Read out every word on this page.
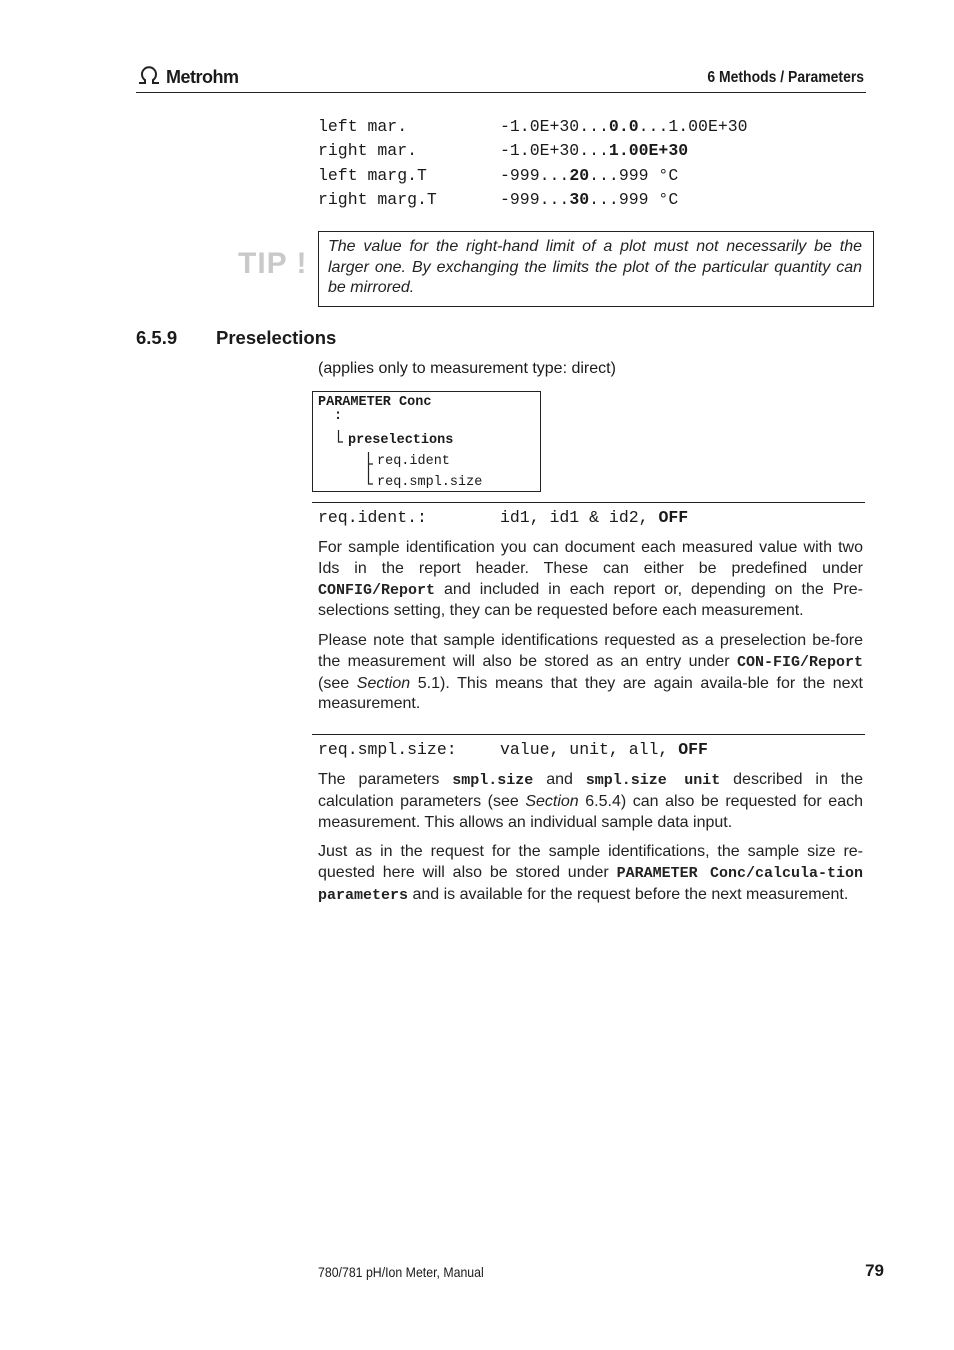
Metrohm	6 Methods / Parameters
left mar.	-1.0E+30... 0.0 ...1.00E+30
right mar.	-1.0E+30... 1.00E+30
left marg.T	-999... 20 ...999 °C
right marg.T	-999... 30 ...999 °C
TIP !
The value for the right-hand limit of a plot must not necessarily be the larger one. By exchanging the limits the plot of the particular quantity can be mirrored.
6.5.9	Preselections
(applies only to measurement type: direct)
PARAMETER Conc
:
preselections
req.ident
req.smpl.size
req.ident.:	id1, id1 & id2, OFF
For sample identification you can document each measured value with two Ids in the report header. These can either be predefined under CONFIG/Report and included in each report or, depending on the Pre-selections setting, they can be requested before each measurement.
Please note that sample identifications requested as a preselection be-fore the measurement will also be stored as an entry under CON-FIG/Report (see Section 5.1). This means that they are again availa-ble for the next measurement.
req.smpl.size:	value, unit, all, OFF
The parameters smpl.size and smpl.size unit described in the calculation parameters (see Section 6.5.4) can also be requested for each measurement. This allows an individual sample data input.
Just as in the request for the sample identifications, the sample size re-quested here will also be stored under PARAMETER Conc/calcula-tion parameters and is available for the request before the next measurement.
780/781 pH/Ion Meter, Manual	79
